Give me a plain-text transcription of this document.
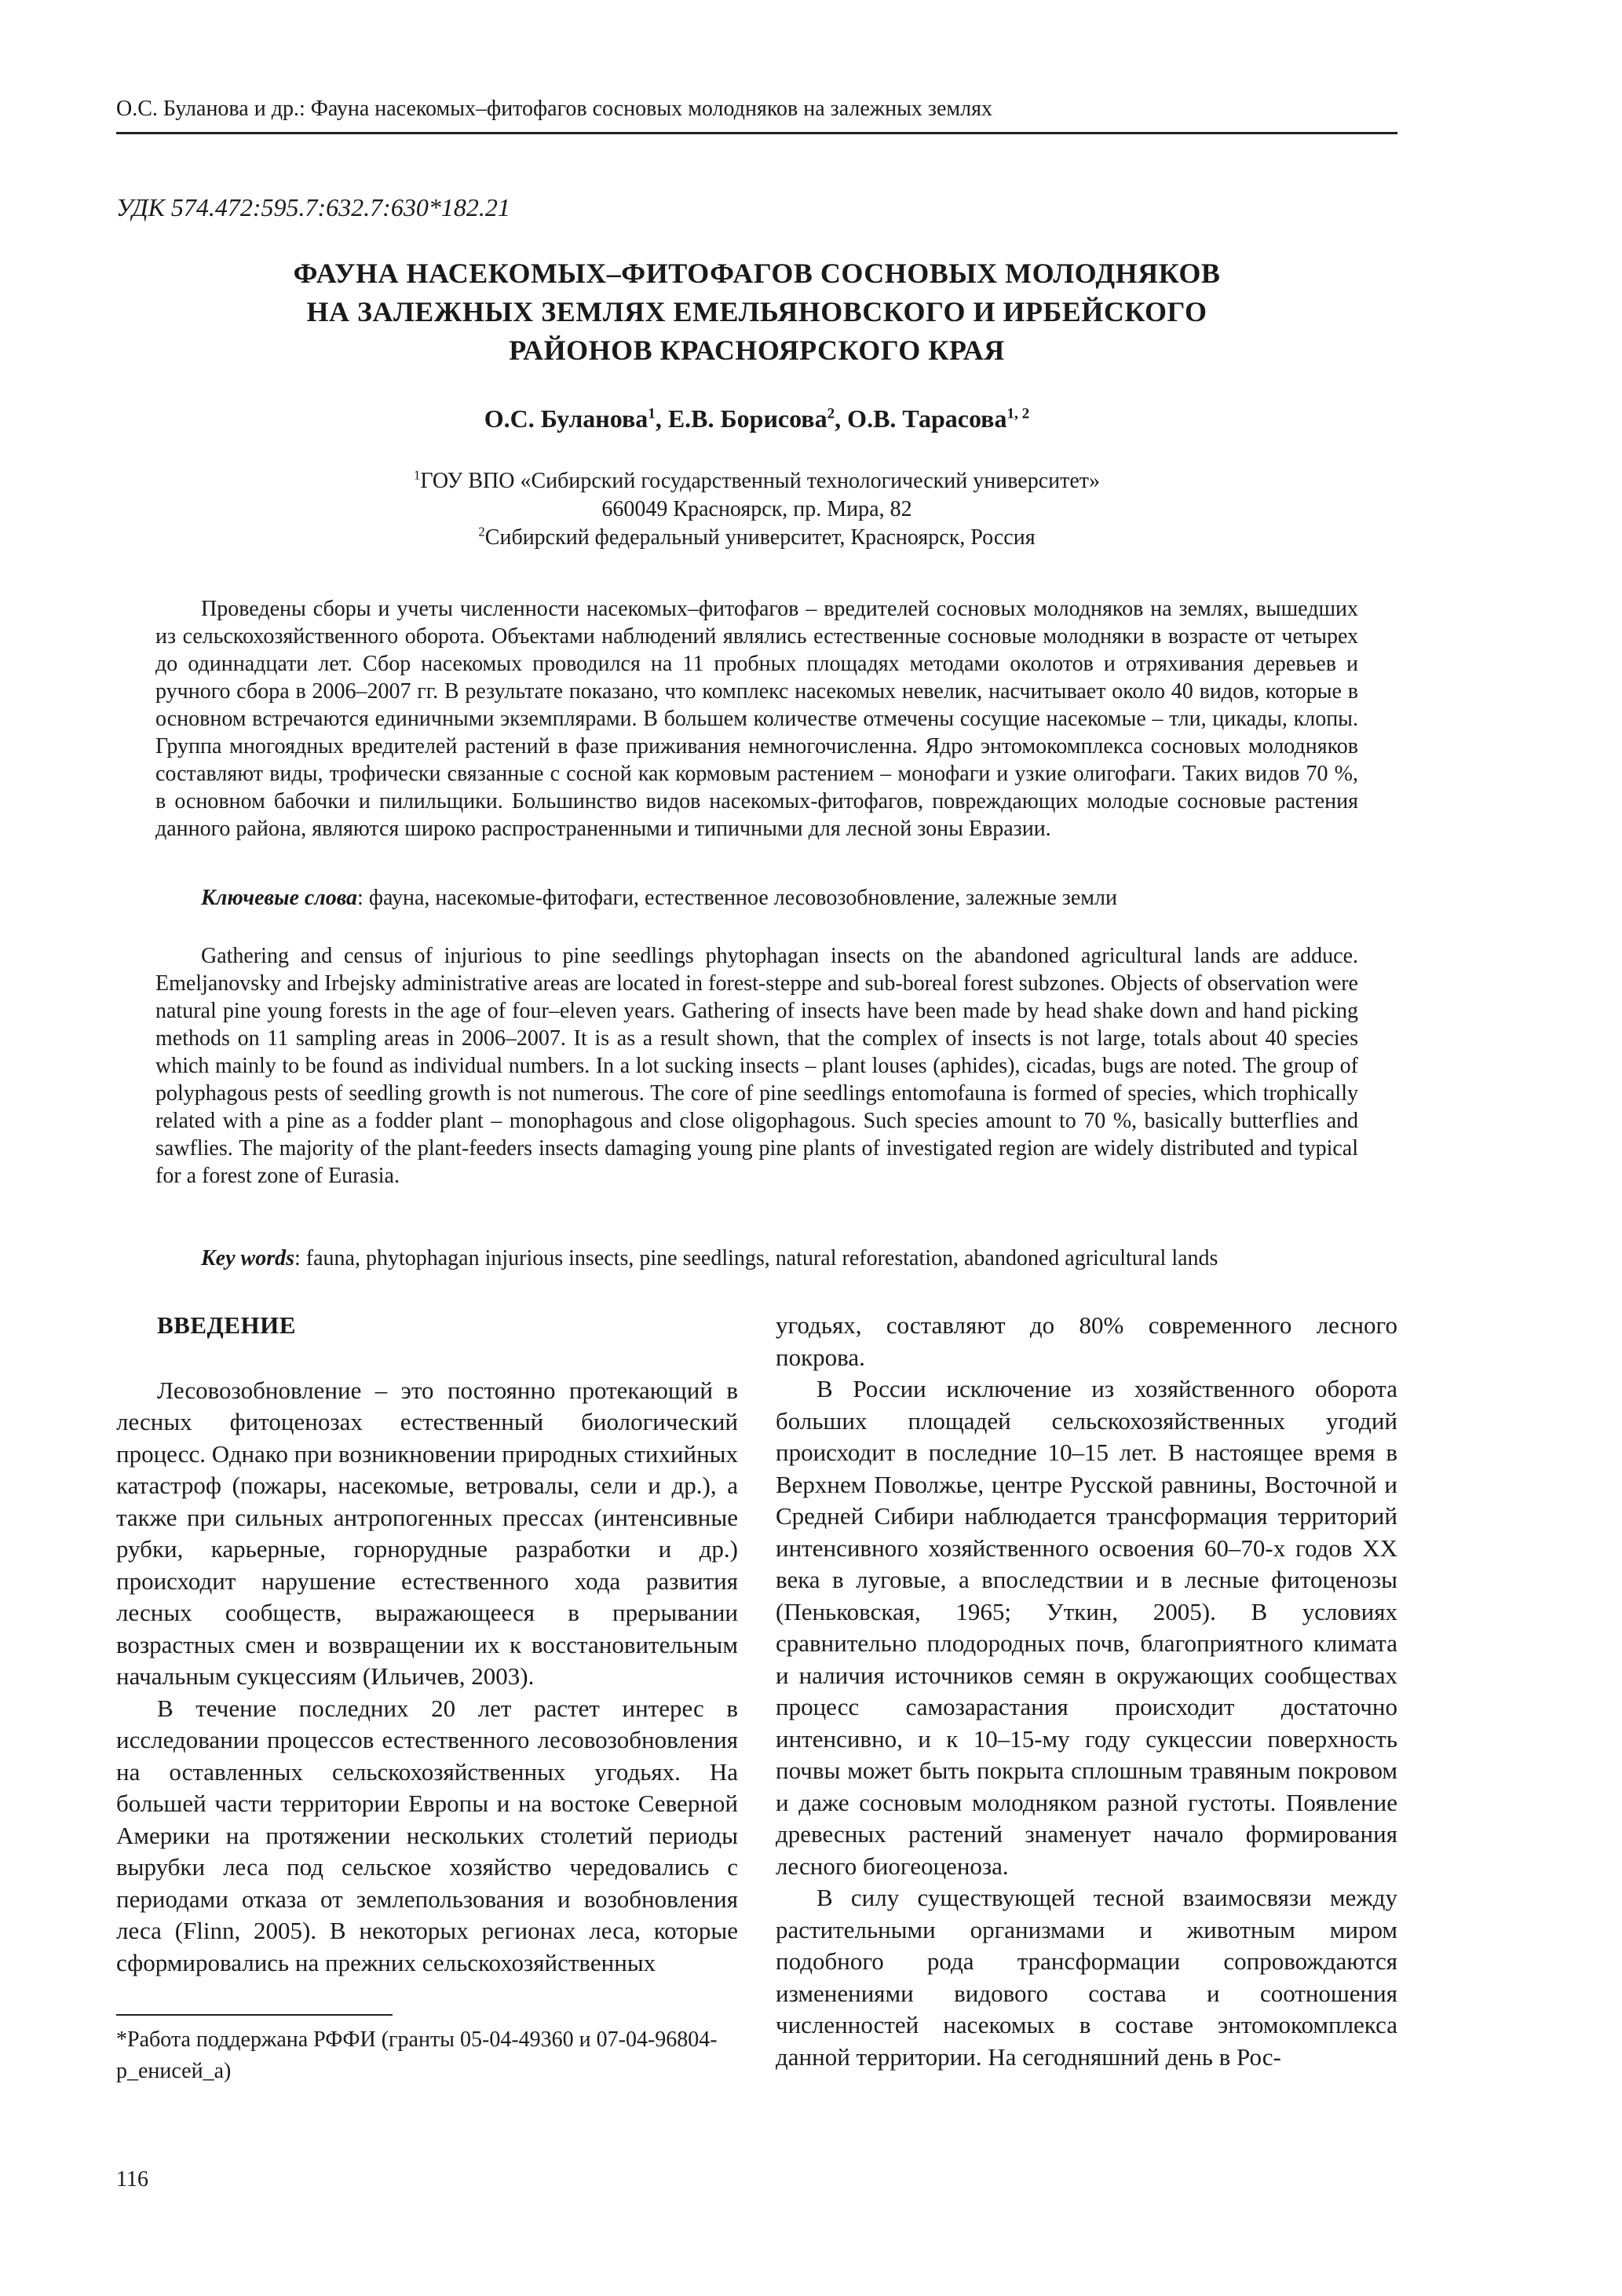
О.С. Буланова и др.: Фауна насекомых–фитофагов сосновых молодняков на залежных землях
УДК 574.472:595.7:632.7:630*182.21
ФАУНА НАСЕКОМЫХ–ФИТОФАГОВ СОСНОВЫХ МОЛОДНЯКОВ
НА ЗАЛЕЖНЫХ ЗЕМЛЯХ ЕМЕЛЬЯНОВСКОГО И ИРБЕЙСКОГО
РАЙОНОВ КРАСНОЯРСКОГО КРАЯ
О.С. Буланова$^1$, Е.В. Борисова$^2$, О.В. Тарасова$^{1, 2}$
$^1$ГОУ ВПО «Сибирский государственный технологический университет»
660049 Красноярск, пр. Мира, 82
$^2$Сибирский федеральный университет, Красноярск, Россия

Проведены сборы и учеты численности насекомых–фитофагов – вредителей сосновых молодняков на землях, вышедших из сельскохозяйственного оборота. Объектами наблюдений являлись естественные сосновые молодняки в возрасте от четырех до одиннадцати лет. Сбор насекомых проводился на 11 пробных площадях методами околотов и отряхивания деревьев и ручного сбора в 2006–2007 гг. В результате показано, что комплекс насекомых невелик, насчитывает около 40 видов, которые в основном встречаются единичными экземплярами. В большем количестве отмечены сосущие насекомые – тли, цикады, клопы. Группа многоядных вредителей растений в фазе приживания немногочисленна. Ядро энтомокомплекса сосновых молодняков составляют виды, трофически связанные с сосной как кормовым растением – монофаги и узкие олигофаги. Таких видов 70 %, в основном бабочки и пилильщики. Большинство видов насекомых-фитофагов, повреждающих молодые сосновые растения данного района, являются широко распространенными и типичными для лесной зоны Евразии.

Ключевые слова: фауна, насекомые-фитофаги, естественное лесовозобновление, залежные земли

Gathering and census of injurious to pine seedlings phytophagan insects on the abandoned agricultural lands are adduce. Emeljanovsky and Irbejsky administrative areas are located in forest-steppe and sub-boreal forest subzones. Objects of observation were natural pine young forests in the age of four–eleven years. Gathering of insects have been made by head shake down and hand picking methods on 11 sampling areas in 2006–2007. It is as a result shown, that the complex of insects is not large, totals about 40 species which mainly to be found as individual numbers. In a lot sucking insects – plant louses (aphides), cicadas, bugs are noted. The group of polyphagous pests of seedling growth is not numerous. The core of pine seedlings entomofauna is formed of species, which trophically related with a pine as a fodder plant – monophagous and close oligophagous. Such species amount to 70 %, basically butterflies and sawflies. The majority of the plant-feeders insects damaging young pine plants of investigated region are widely distributed and typical for a forest zone of Eurasia.

Key words: fauna, phytophagan injurious insects, pine seedlings, natural reforestation, abandoned agricultural lands

ВВЕДЕНИЕ

Лесовозобновление – это постоянно протекающий в лесных фитоценозах естественный биологический процесс. Однако при возникновении природных стихийных катастроф (пожары, насекомые, ветровалы, сели и др.), а также при сильных антропогенных прессах (интенсивные рубки, карьерные, горнорудные разработки и др.) происходит нарушение естественного хода развития лесных сообществ, выражающееся в прерывании возрастных смен и возвращении их к восстановительным начальным сукцессиям (Ильичев, 2003).

В течение последних 20 лет растет интерес в исследовании процессов естественного лесовозобновления на оставленных сельскохозяйственных угодьях. На большей части территории Европы и на востоке Северной Америки на протяжении нескольких столетий периоды вырубки леса под сельское хозяйство чередовались с периодами отказа от землепользования и возобновления леса (Flinn, 2005). В некоторых регионах леса, которые сформировались на прежних сельскохозяйственных

угодьях, составляют до 80% современного лесного покрова.

В России исключение из хозяйственного оборота больших площадей сельскохозяйственных угодий происходит в последние 10–15 лет. В настоящее время в Верхнем Поволжье, центре Русской равнины, Восточной и Средней Сибири наблюдается трансформация территорий интенсивного хозяйственного освоения 60–70-х годов XX века в луговые, а впоследствии и в лесные фитоценозы (Пеньковская, 1965; Уткин, 2005). В условиях сравнительно плодородных почв, благоприятного климата и наличия источников семян в окружающих сообществах процесс самозарастания происходит достаточно интенсивно, и к 10–15-му году сукцессии поверхность почвы может быть покрыта сплошным травяным покровом и даже сосновым молодняком разной густоты. Появление древесных растений знаменует начало формирования лесного биогеоценоза.

В силу существующей тесной взаимосвязи между растительными организмами и животным миром подобного рода трансформации сопровождаются изменениями видового состава и соотношения численностей насекомых в составе энтомокомплекса данной территории. На сегодняшний день в Рос-

*Работа поддержана РФФИ (гранты 05-04-49360 и 07-04-96804-р_енисей_а)
116
